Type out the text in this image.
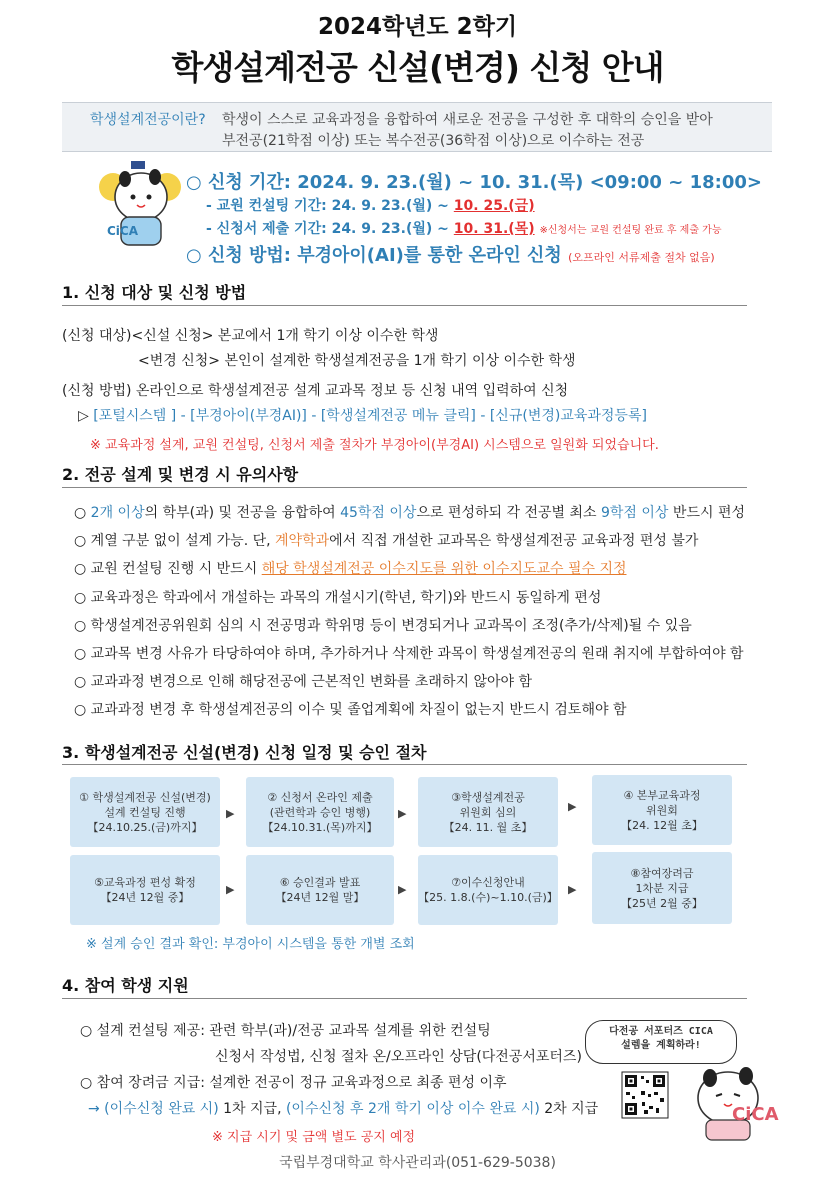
2024학년도 2학기
학생설계전공 신설(변경) 신청 안내
학생설계전공이란? 학생이 스스로 교육과정을 융합하여 새로운 전공을 구성한 후 대학의 승인을 받아
부전공(21학점 이상) 또는 복수전공(36학점 이상)으로 이수하는 전공
CiCA
○ 신청 기간: 2024. 9. 23.(월) ~ 10. 31.(목) <09:00 ~ 18:00>
- 교원 컨설팅 기간: 24. 9. 23.(월) ~ 10. 25.(금)
- 신청서 제출 기간: 24. 9. 23.(월) ~ 10. 31.(목) ※신청서는 교원 컨설팅 완료 후 제출 가능
○ 신청 방법: 부경아이(AI)를 통한 온라인 신청 (오프라인 서류제출 절차 없음)
1. 신청 대상 및 신청 방법
(신청 대상)<신설 신청> 본교에서 1개 학기 이상 이수한 학생
<변경 신청> 본인이 설계한 학생설계전공을 1개 학기 이상 이수한 학생
(신청 방법) 온라인으로 학생설계전공 설계 교과목 정보 등 신청 내역 입력하여 신청
▷ [포털시스템 ] - [부경아이(부경AI)] - [학생설계전공 메뉴 클릭] - [신규(변경)교육과정등록]
※ 교육과정 설계, 교원 컨설팅, 신청서 제출 절차가 부경아이(부경AI) 시스템으로 일원화 되었습니다.
2. 전공 설계 및 변경 시 유의사항
○ 2개 이상의 학부(과) 및 전공을 융합하여 45학점 이상으로 편성하되 각 전공별 최소 9학점 이상 반드시 편성
○ 계열 구분 없이 설계 가능. 단, 계약학과에서 직접 개설한 교과목은 학생설계전공 교육과정 편성 불가
○ 교원 컨설팅 진행 시 반드시 해당 학생설계전공 이수지도를 위한 이수지도교수 필수 지정
○ 교육과정은 학과에서 개설하는 과목의 개설시기(학년, 학기)와 반드시 동일하게 편성
○ 학생설계전공위원회 심의 시 전공명과 학위명 등이 변경되거나 교과목이 조정(추가/삭제)될 수 있음
○ 교과목 변경 사유가 타당하여야 하며, 추가하거나 삭제한 과목이 학생설계전공의 원래 취지에 부합하여야 함
○ 교과과정 변경으로 인해 해당전공에 근본적인 변화를 초래하지 않아야 함
○ 교과과정 변경 후 학생설계전공의 이수 및 졸업계획에 차질이 없는지 반드시 검토해야 함
3. 학생설계전공 신설(변경) 신청 일정 및 승인 절차
① 학생설계전공 신설(변경)
설계 컨설팅 진행
【24.10.25.(금)까지】
▶
② 신청서 온라인 제출
(관련학과 승인 병행)
【24.10.31.(목)까지】
▶
③학생설계전공
위원회 심의
【24. 11. 월 초】
▶
④ 본부교육과정
위원회
【24. 12월 초】
⑤교육과정 편성 확정
【24년 12월 중】
▶
⑥ 승인결과 발표
【24년 12월 말】
▶
⑦이수신청안내
【25. 1.8.(수)~1.10.(금)】
▶
⑧참여장려금
1차분 지급
【25년 2월 중】
※ 설계 승인 결과 확인: 부경아이 시스템을 통한 개별 조회
4. 참여 학생 지원
○ 설계 컨설팅 제공: 관련 학부(과)/전공 교과목 설계를 위한 컨설팅
신청서 작성법, 신청 절차 온/오프라인 상담(다전공서포터즈)
○ 참여 장려금 지급: 설계한 전공이 정규 교육과정으로 최종 편성 이후
→ (이수신청 완료 시) 1차 지급, (이수신청 후 2개 학기 이상 이수 완료 시) 2차 지급
※ 지급 시기 및 금액 별도 공지 예정
다전공 서포터즈 CICA
설렘을 계획하라!
CiCA
국립부경대학교 학사관리과(051-629-5038)
